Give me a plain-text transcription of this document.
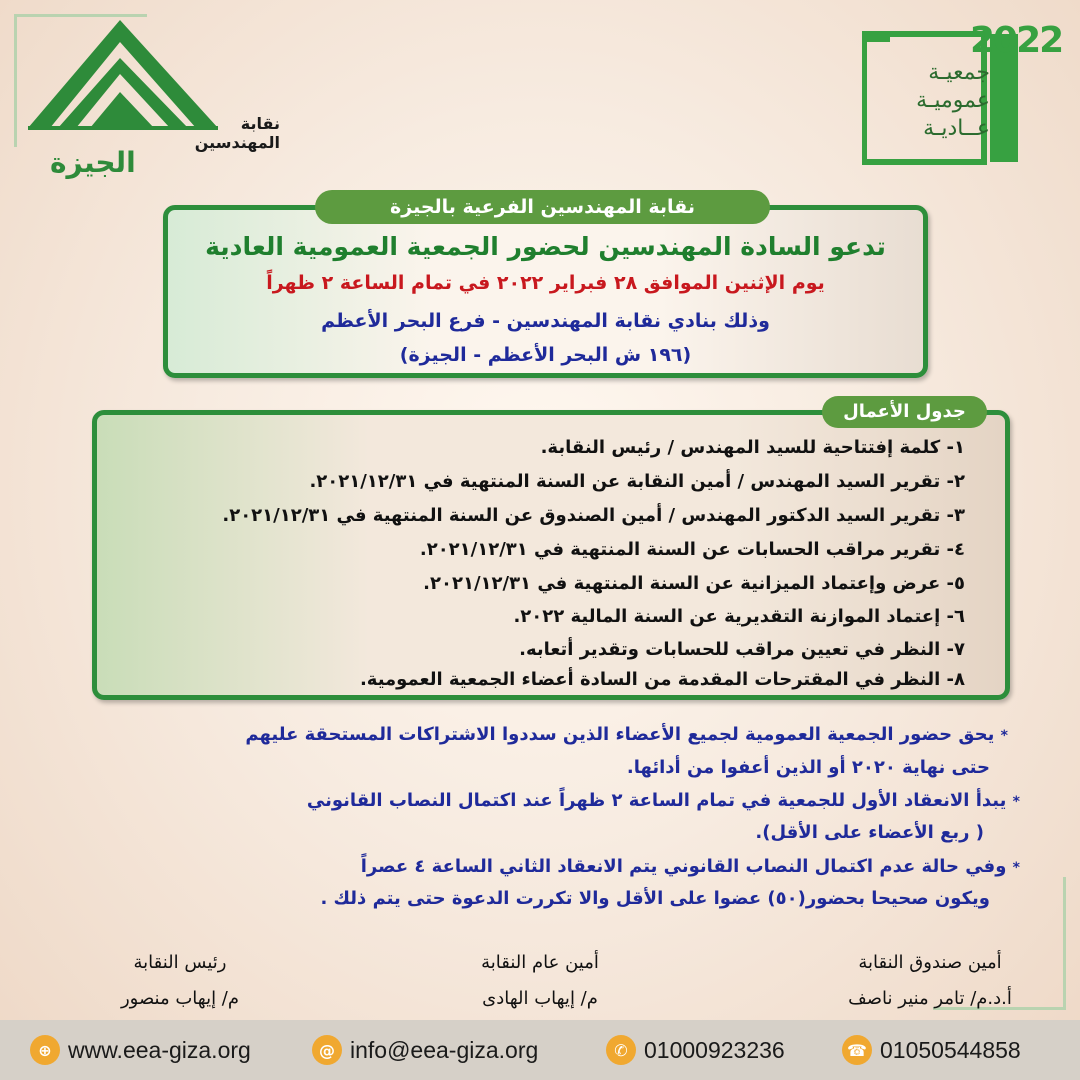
نقابة المهندسين
الجيزة
2022
جمعيـة
عموميـة
عــاديـة
تدعو السادة المهندسين لحضور الجمعية العمومية العادية
يوم الإثنين الموافق ٢٨ فبراير ٢٠٢٢ في تمام الساعة ٢ ظهراً
وذلك بنادي نقابة المهندسين - فرع البحر الأعظم
(١٩٦ ش البحر الأعظم - الجيزة)
نقابة المهندسين الفرعية بالجيزة
١- كلمة إفتتاحية للسيد المهندس / رئيس النقابة.
٢- تقرير السيد المهندس / أمين النقابة عن السنة المنتهية في ٢٠٢١/١٢/٣١.
٣- تقرير السيد الدكتور المهندس / أمين الصندوق عن السنة المنتهية في ٢٠٢١/١٢/٣١.
٤- تقرير مراقب الحسابات عن السنة المنتهية في ٢٠٢١/١٢/٣١.
٥- عرض وإعتماد الميزانية عن السنة المنتهية في ٢٠٢١/١٢/٣١.
٦- إعتماد الموازنة التقديرية عن السنة المالية ٢٠٢٢.
٧- النظر في تعيين مراقب للحسابات وتقدير أتعابه.
٨- النظر في المقترحات المقدمة من السادة أعضاء الجمعية العمومية.
جدول الأعمال
* يحق حضور الجمعية العمومية لجميع الأعضاء الذين سددوا الاشتراكات المستحقة عليهم
حتى نهاية ٢٠٢٠ أو الذين أعفوا من أدائها.
* يبدأ الانعقاد الأول للجمعية في تمام الساعة ٢ ظهراً عند اكتمال النصاب القانوني
( ربع الأعضاء على الأقل).
* وفي حالة عدم اكتمال النصاب القانوني يتم الانعقاد الثاني الساعة ٤ عصراً
ويكون صحيحا بحضور(٥٠) عضوا على الأقل والا تكررت الدعوة حتى يتم ذلك .
أمين صندوق النقابة
أ.د.م/ تامر منير ناصف
أمين عام النقابة
م/ إيهاب الهادى
رئيس النقابة
م/ إيهاب منصور
⊕ www.eea-giza.org	@ info@eea-giza.org	✆ 01000923236	☎ 01050544858
